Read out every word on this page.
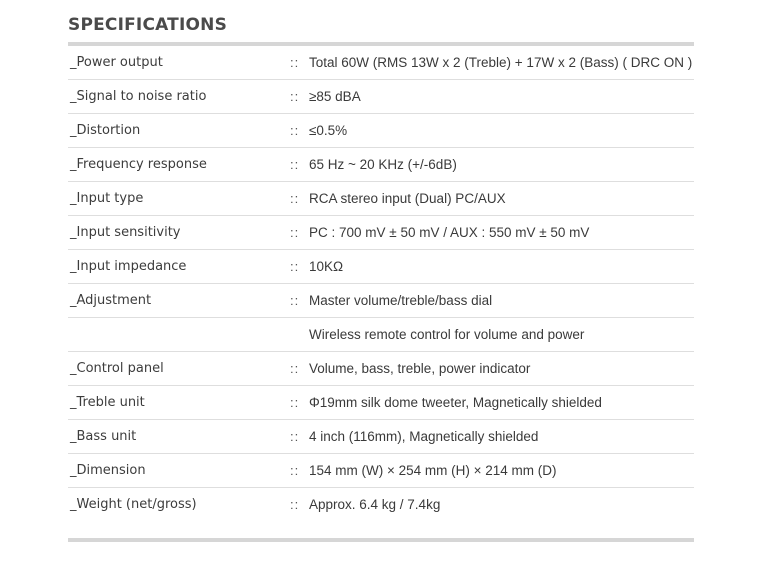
SPECIFICATIONS
_Power output	:: Total 60W (RMS 13W x 2 (Treble) + 17W x 2 (Bass) ( DRC ON )
_Signal to noise ratio	:: ≥85 dBA
_Distortion	:: ≤0.5%
_Frequency response	:: 65 Hz ~ 20 KHz (+/-6dB)
_Input type	:: RCA stereo input (Dual) PC/AUX
_Input sensitivity	:: PC : 700 mV ± 50 mV / AUX : 550 mV ± 50 mV
_Input impedance	:: 10KΩ
_Adjustment	:: Master volume/treble/bass dial
Wireless remote control for volume and power
_Control panel	:: Volume, bass, treble, power indicator
_Treble unit	:: Φ19mm silk dome tweeter, Magnetically shielded
_Bass unit	:: 4 inch (116mm), Magnetically shielded
_Dimension	:: 154 mm (W) × 254 mm (H) × 214 mm (D)
_Weight (net/gross)	:: Approx. 6.4 kg / 7.4kg
